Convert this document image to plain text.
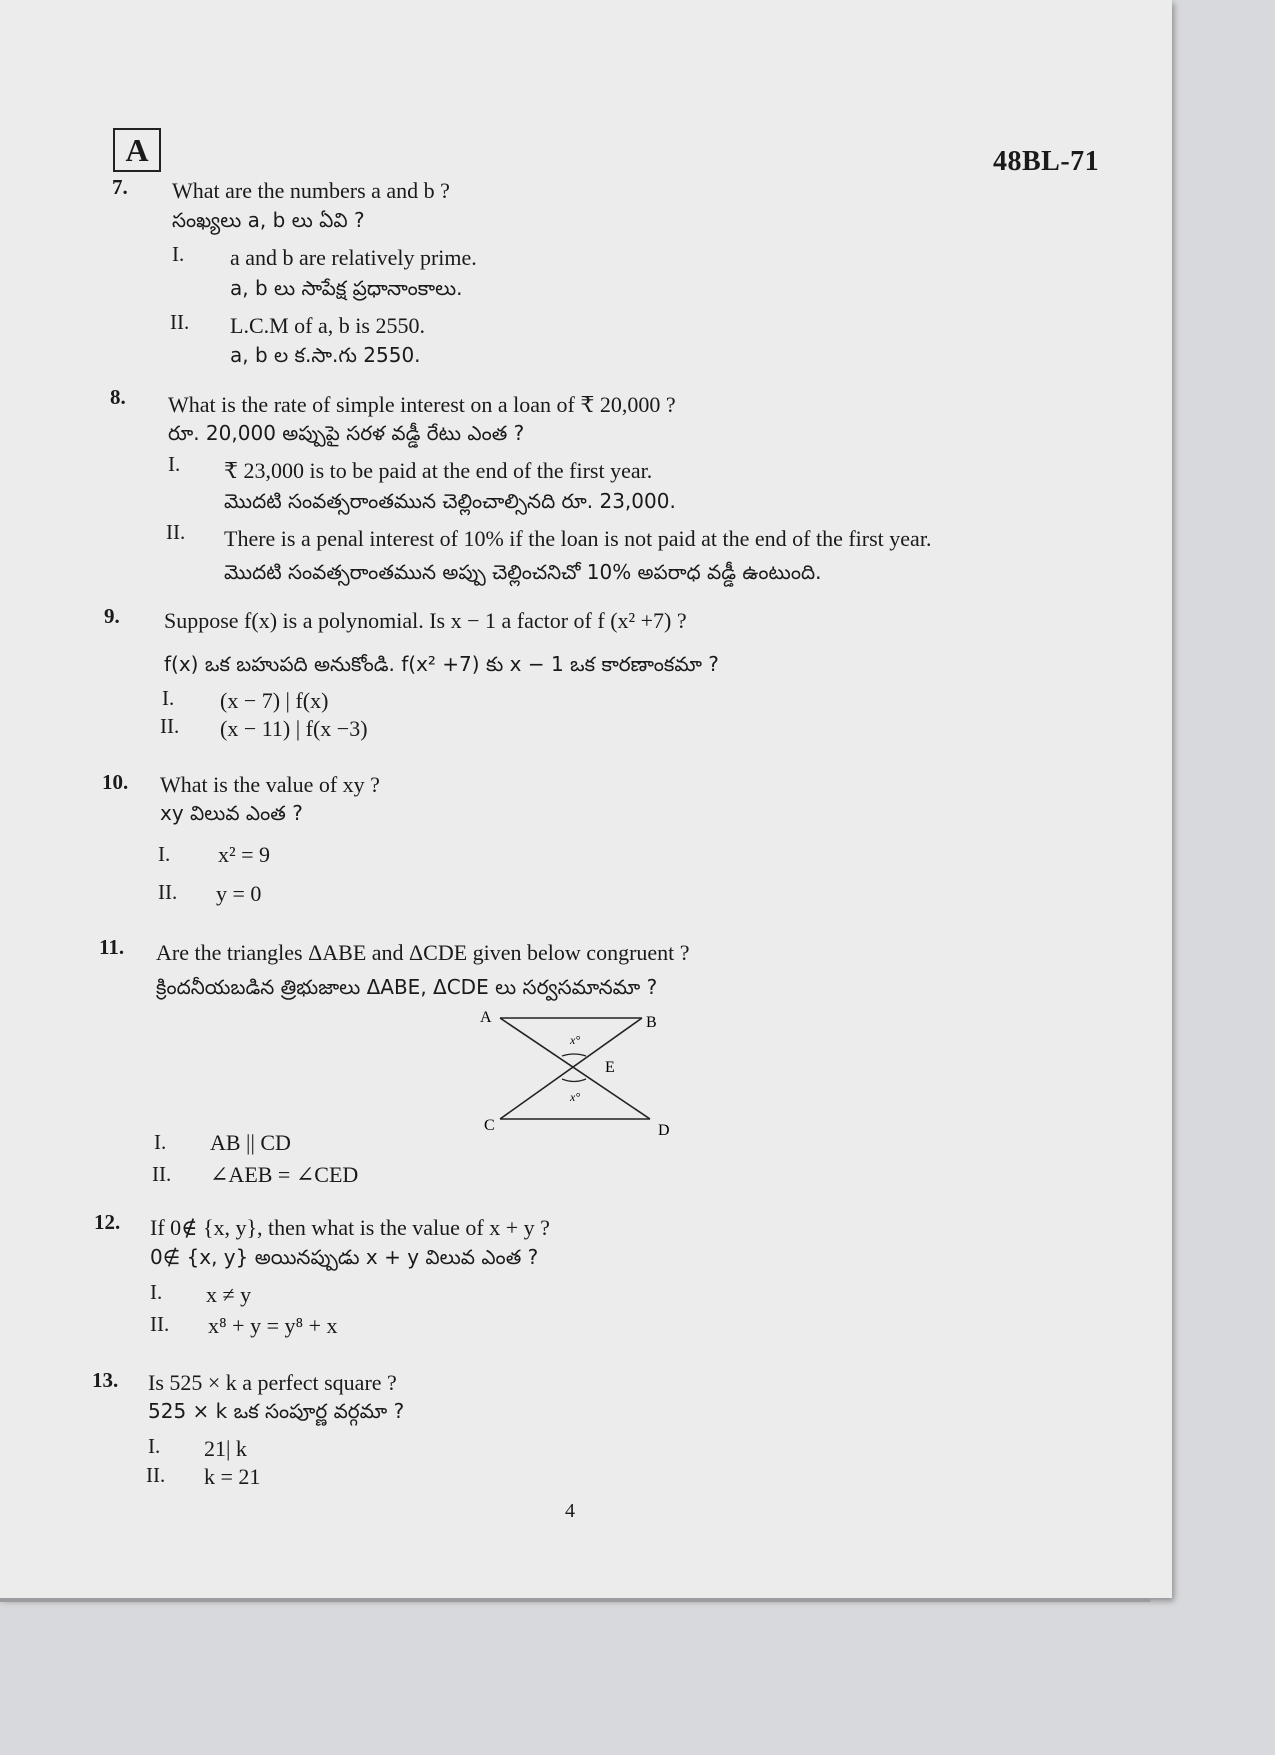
A	48BL-71
7. What are the numbers a and b ?
సంఖ్యలు a, b లు ఏవి ?
I. a and b are relatively prime.
a, b లు సాపేక్ష ప్రధానాంకాలు.
II. L.C.M of a, b is 2550.
a, b ల క.సా.గు 2550.
8. What is the rate of simple interest on a loan of ₹ 20,000 ?
రూ. 20,000 అప్పుపై సరళ వడ్డీ రేటు ఎంత ?
I. ₹ 23,000 is to be paid at the end of the first year.
మొదటి సంవత్సరాంతమున చెల్లించాల్సినది రూ. 23,000.
II. There is a penal interest of 10% if the loan is not paid at the end of the first year.
మొదటి సంవత్సరాంతమున అప్పు చెల్లించనిచో 10% అపరాధ వడ్డీ ఉంటుంది.
9. Suppose f(x) is a polynomial. Is x − 1 a factor of f (x² +7) ?
f(x) ఒక బహుపది అనుకోండి. f(x² +7) కు x − 1 ఒక కారణాంకమా ?
I. (x − 7) | f(x)
II. (x − 11) | f(x −3)
10. What is the value of xy ?
xy విలువ ఎంత ?
I. x² = 9
II. y = 0
11. Are the triangles ΔABE and ΔCDE given below congruent ?
క్రిందనీయబడిన త్రిభుజాలు ΔABE, ΔCDE లు సర్వసమానమా ?
A	B
C	D
E
x°
x°
I. AB || CD
II. ∠AEB = ∠CED
12. If 0∉ {x, y}, then what is the value of x + y ?
0∉ {x, y} అయినప్పుడు x + y విలువ ఎంత ?
I. x ≠ y
II. x⁸ + y = y⁸ + x
13. Is 525 × k a perfect square ?
525 × k ఒక సంపూర్ణ వర్గమా ?
I. 21| k
II. k = 21
4
